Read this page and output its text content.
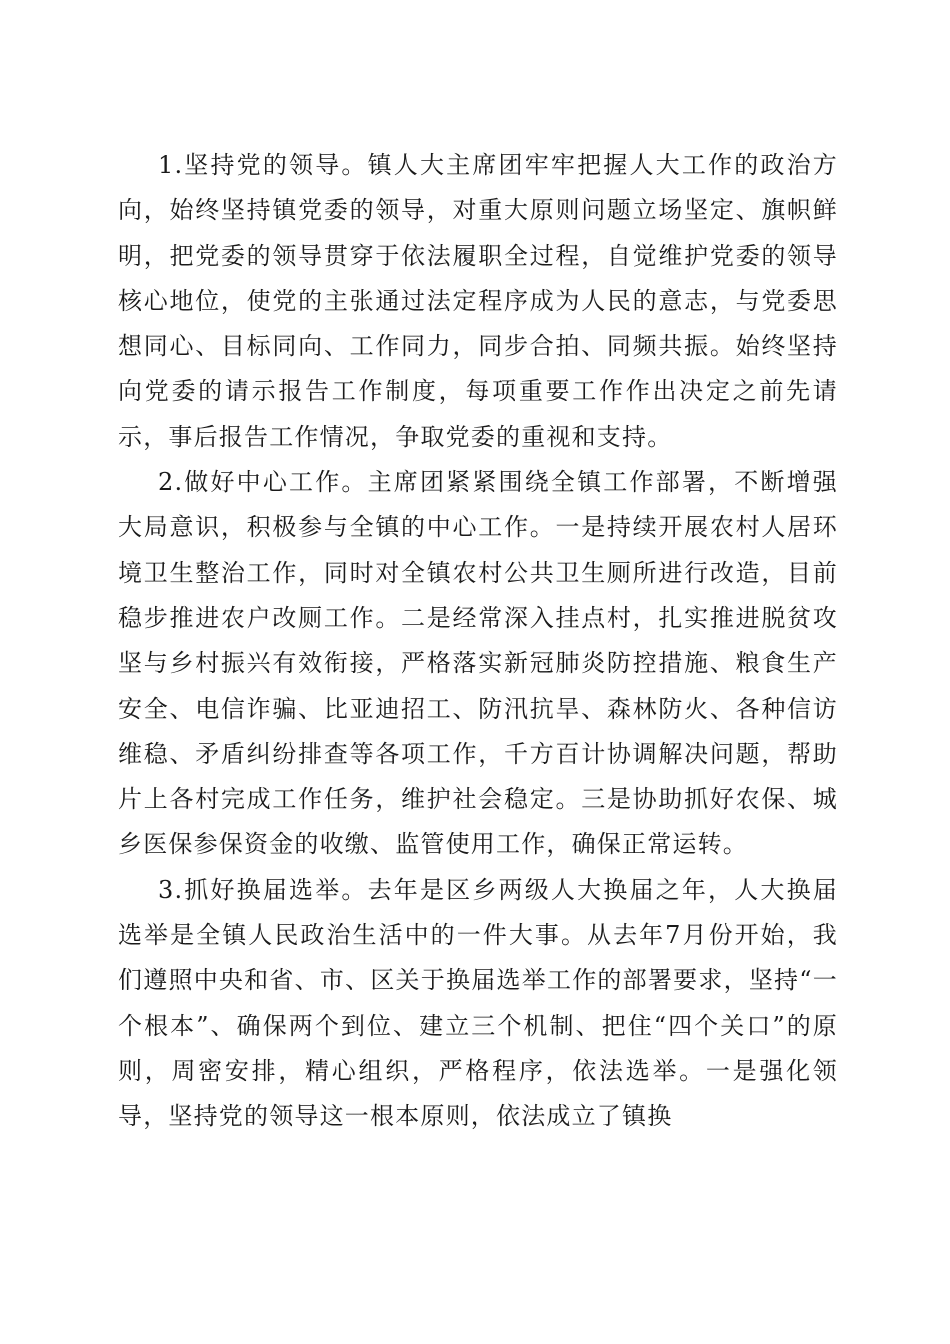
1.坚持党的领导。镇人大主席团牢牢把握人大工作的政治方向，始终坚持镇党委的领导，对重大原则问题立场坚定、旗帜鲜明，把党委的领导贯穿于依法履职全过程，自觉维护党委的领导核心地位，使党的主张通过法定程序成为人民的意志，与党委思想同心、目标同向、工作同力，同步合拍、同频共振。始终坚持向党委的请示报告工作制度，每项重要工作作出决定之前先请示，事后报告工作情况，争取党委的重视和支持。

2.做好中心工作。主席团紧紧围绕全镇工作部署，不断增强大局意识，积极参与全镇的中心工作。一是持续开展农村人居环境卫生整治工作，同时对全镇农村公共卫生厕所进行改造，目前稳步推进农户改厕工作。二是经常深入挂点村，扎实推进脱贫攻坚与乡村振兴有效衔接，严格落实新冠肺炎防控措施、粮食生产安全、电信诈骗、比亚迪招工、防汛抗旱、森林防火、各种信访维稳、矛盾纠纷排查等各项工作，千方百计协调解决问题，帮助片上各村完成工作任务，维护社会稳定。三是协助抓好农保、城乡医保参保资金的收缴、监管使用工作，确保正常运转。

3.抓好换届选举。去年是区乡两级人大换届之年，人大换届选举是全镇人民政治生活中的一件大事。从去年7月份开始，我们遵照中央和省、市、区关于换届选举工作的部署要求，坚持“一个根本”、确保两个到位、建立三个机制、把住“四个关口”的原则，周密安排，精心组织，严格程序，依法选举。一是强化领导，坚持党的领导这一根本原则，依法成立了镇换
